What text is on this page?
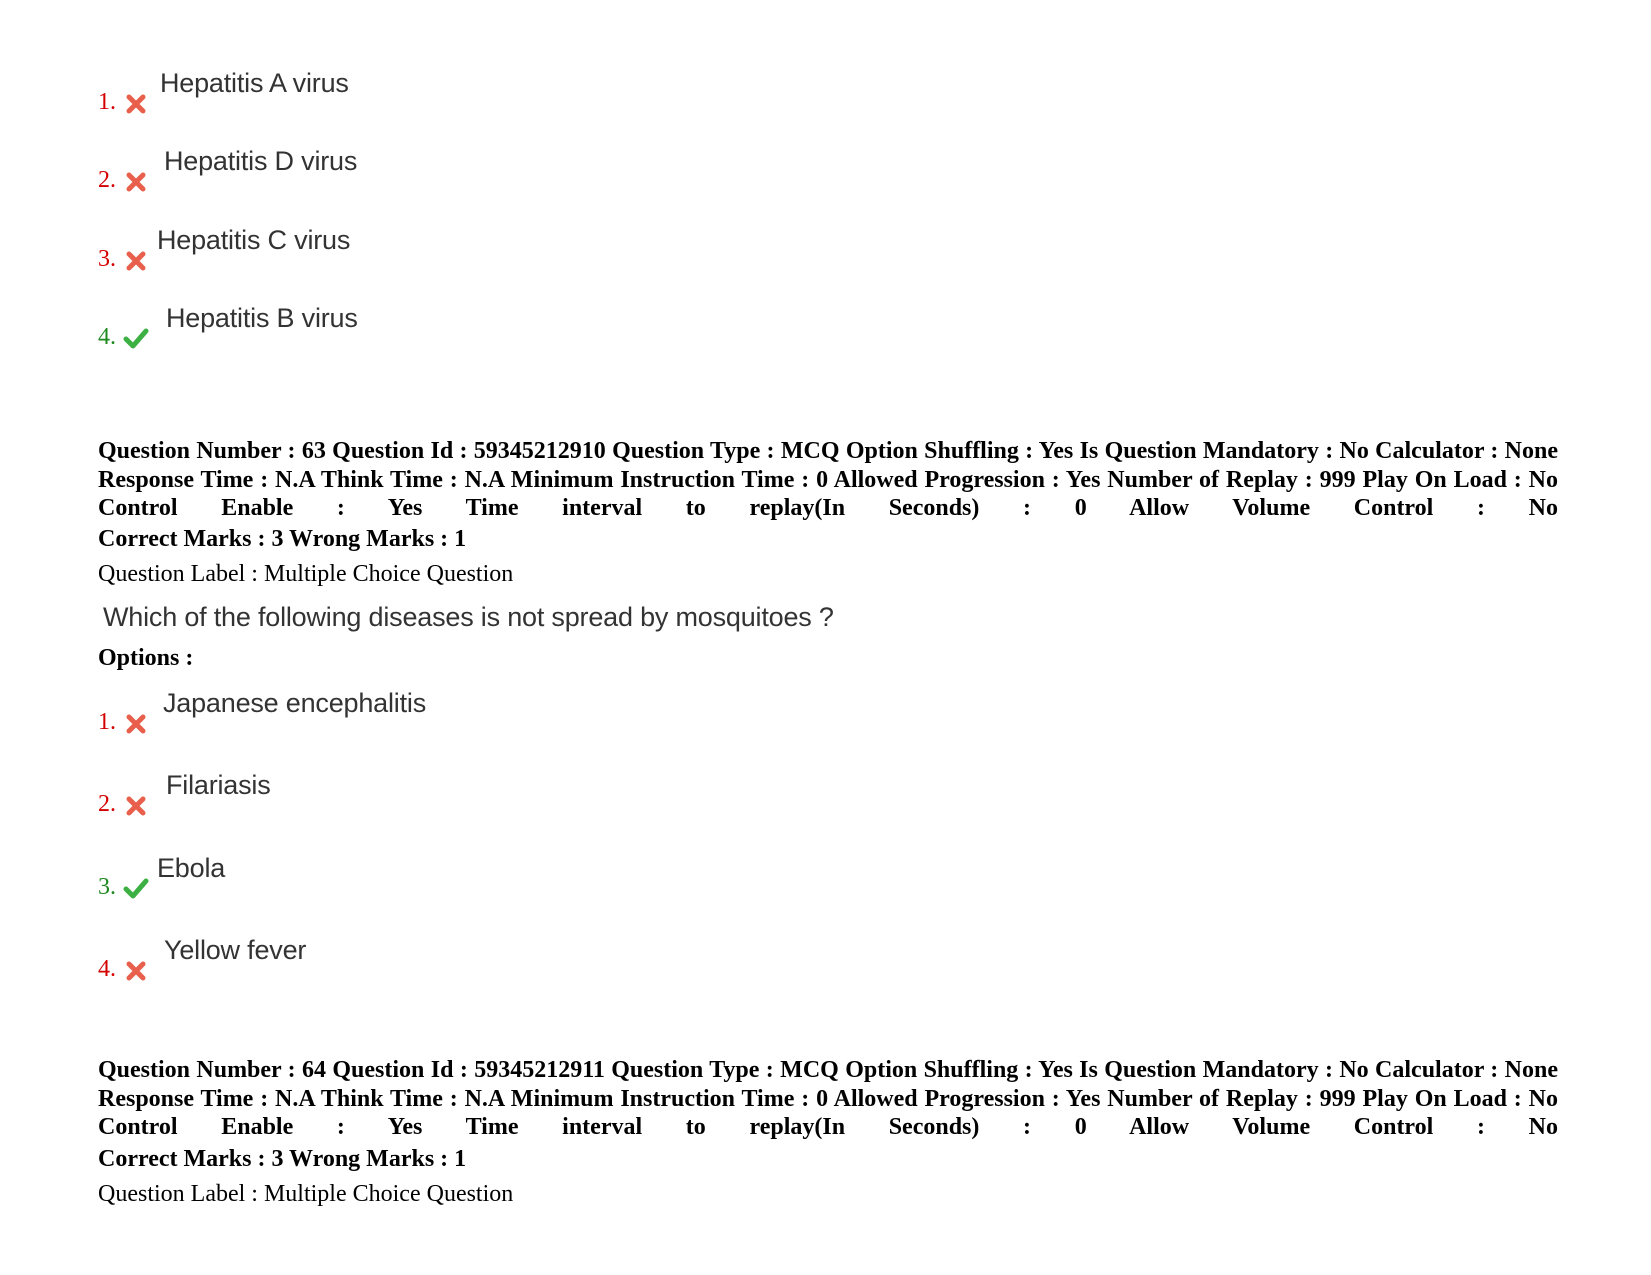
1.
Hepatitis A virus
2.
Hepatitis D virus
3.
Hepatitis C virus
4.
Hepatitis B virus

Question Number : 63 Question Id : 59345212910 Question Type : MCQ Option Shuffling : Yes Is Question Mandatory : No Calculator : None Response Time : N.A Think Time : N.A Minimum Instruction Time : 0 Allowed Progression : Yes Number of Replay : 999 Play On Load : No Control Enable : Yes Time interval to replay(In Seconds) : 0 Allow Volume Control : No

Correct Marks : 3 Wrong Marks : 1

Question Label : Multiple Choice Question

Which of the following diseases is not spread by mosquitoes ?

Options :

1.
Japanese encephalitis
2.
Filariasis
3.
Ebola
4.
Yellow fever

Question Number : 64 Question Id : 59345212911 Question Type : MCQ Option Shuffling : Yes Is Question Mandatory : No Calculator : None Response Time : N.A Think Time : N.A Minimum Instruction Time : 0 Allowed Progression : Yes Number of Replay : 999 Play On Load : No Control Enable : Yes Time interval to replay(In Seconds) : 0 Allow Volume Control : No

Correct Marks : 3 Wrong Marks : 1

Question Label : Multiple Choice Question
